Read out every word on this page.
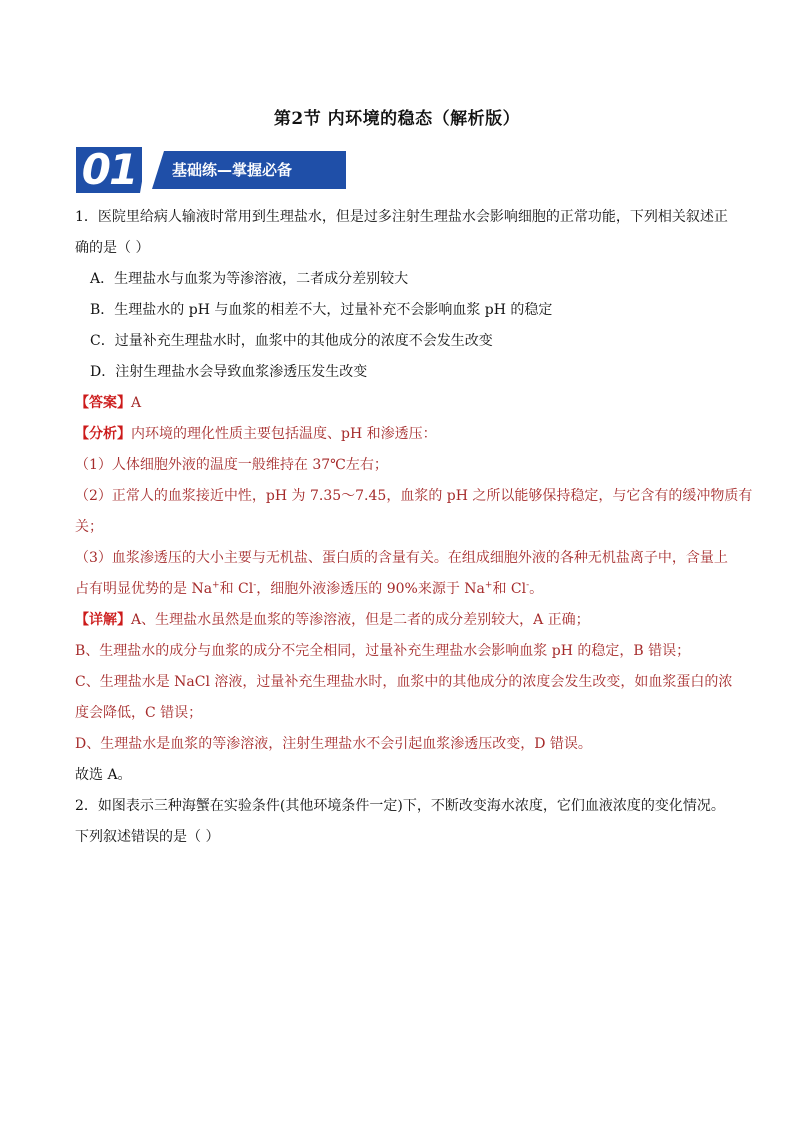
第2节 内环境的稳态（解析版）
01	基础练—掌握必备
1．医院里给病人输液时常用到生理盐水，但是过多注射生理盐水会影响细胞的正常功能，下列相关叙述正
确的是（ ）
A．生理盐水与血浆为等渗溶液，二者成分差别较大
B．生理盐水的 pH 与血浆的相差不大，过量补充不会影响血浆 pH 的稳定
C．过量补充生理盐水时，血浆中的其他成分的浓度不会发生改变
D．注射生理盐水会导致血浆渗透压发生改变
【答案】A
【分析】内环境的理化性质主要包括温度、pH 和渗透压：
（1）人体细胞外液的温度一般维持在 37℃左右；
（2）正常人的血浆接近中性，pH 为 7.35～7.45，血浆的 pH 之所以能够保持稳定，与它含有的缓冲物质有
关；
（3）血浆渗透压的大小主要与无机盐、蛋白质的含量有关。在组成细胞外液的各种无机盐离子中，含量上
占有明显优势的是 Na+和 Cl-，细胞外液渗透压的 90%来源于 Na+和 Cl-。
【详解】A、生理盐水虽然是血浆的等渗溶液，但是二者的成分差别较大，A 正确；
B、生理盐水的成分与血浆的成分不完全相同，过量补充生理盐水会影响血浆 pH 的稳定，B 错误；
C、生理盐水是 NaCl 溶液，过量补充生理盐水时，血浆中的其他成分的浓度会发生改变，如血浆蛋白的浓
度会降低，C 错误；
D、生理盐水是血浆的等渗溶液，注射生理盐水不会引起血浆渗透压改变，D 错误。
故选 A。
2．如图表示三种海蟹在实验条件(其他环境条件一定)下，不断改变海水浓度，它们血液浓度的变化情况。
下列叙述错误的是（ ）
